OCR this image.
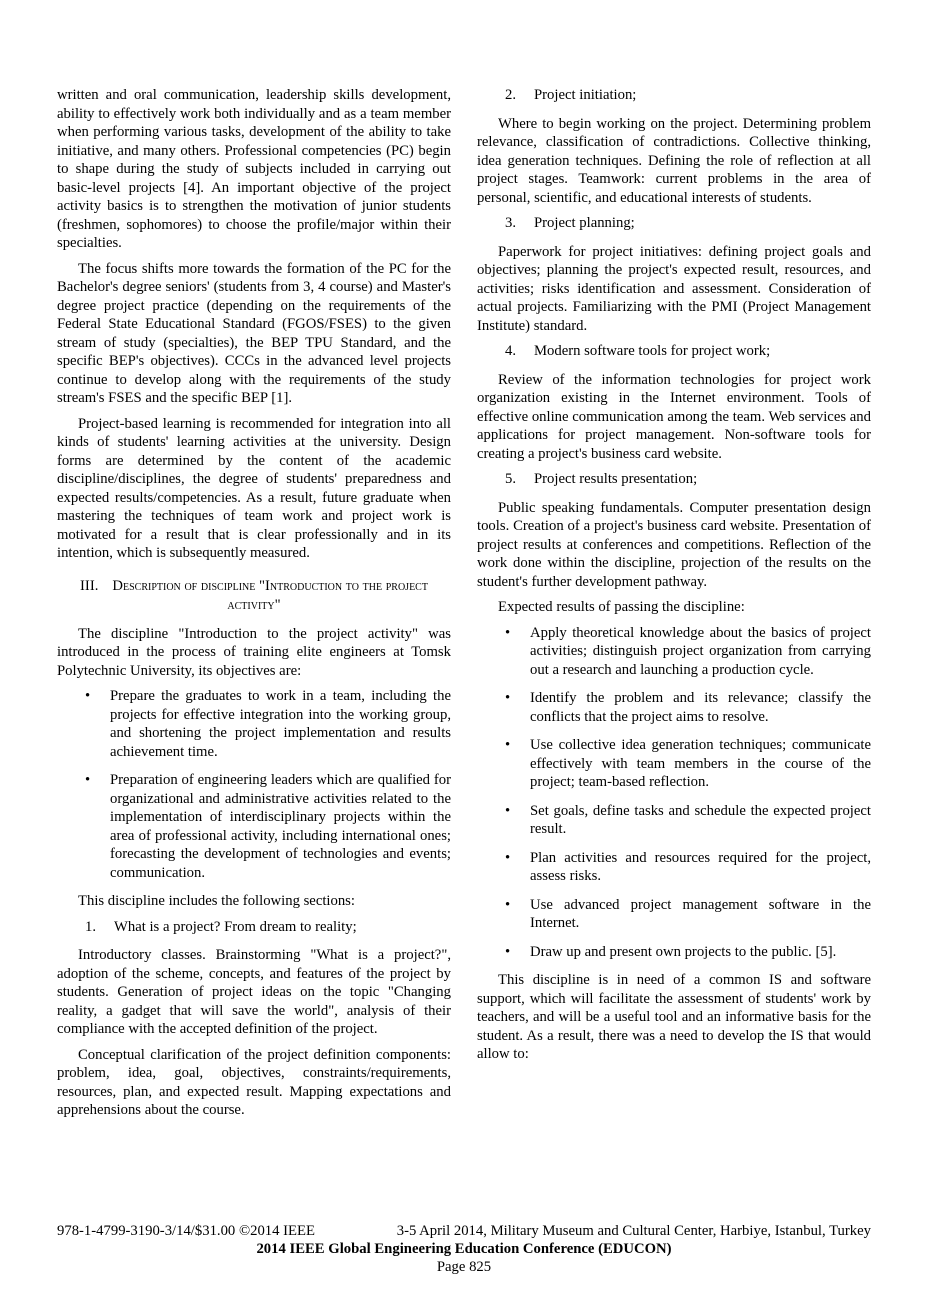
written and oral communication, leadership skills development, ability to effectively work both individually and as a team member when performing various tasks, development of the ability to take initiative, and many others. Professional competencies (PC) begin to shape during the study of subjects included in carrying out basic-level projects [4]. An important objective of the project activity basics is to strengthen the motivation of junior students (freshmen, sophomores) to choose the profile/major within their specialties.

The focus shifts more towards the formation of the PC for the Bachelor's degree seniors' (students from 3, 4 course) and Master's degree project practice (depending on the requirements of the Federal State Educational Standard (FGOS/FSES) to the given stream of study (specialties), the BEP TPU Standard, and the specific BEP's objectives). CCCs in the advanced level projects continue to develop along with the requirements of the study stream's FSES and the specific BEP [1].

Project-based learning is recommended for integration into all kinds of students' learning activities at the university. Design forms are determined by the content of the academic discipline/disciplines, the degree of students' preparedness and expected results/competencies. As a result, future graduate when mastering the techniques of team work and project work is motivated for a result that is clear professionally and in its intention, which is subsequently measured.

III. Description of discipline "Introduction to the project activity"

The discipline "Introduction to the project activity" was introduced in the process of training elite engineers at Tomsk Polytechnic University, its objectives are:

•	Prepare the graduates to work in a team, including the projects for effective integration into the working group, and shortening the project implementation and results achievement time.
•	Preparation of engineering leaders which are qualified for organizational and administrative activities related to the implementation of interdisciplinary projects within the area of professional activity, including international ones; forecasting the development of technologies and events; communication.

This discipline includes the following sections:

1. What is a project? From dream to reality;

Introductory classes. Brainstorming "What is a project?", adoption of the scheme, concepts, and features of the project by students. Generation of project ideas on the topic "Changing reality, a gadget that will save the world", analysis of their compliance with the accepted definition of the project.

Conceptual clarification of the project definition components: problem, idea, goal, objectives, constraints/requirements, resources, plan, and expected result. Mapping expectations and apprehensions about the course.

2. Project initiation;

Where to begin working on the project. Determining problem relevance, classification of contradictions. Collective thinking, idea generation techniques. Defining the role of reflection at all project stages. Teamwork: current problems in the area of personal, scientific, and educational interests of students.

3. Project planning;

Paperwork for project initiatives: defining project goals and objectives; planning the project's expected result, resources, and activities; risks identification and assessment. Consideration of actual projects. Familiarizing with the PMI (Project Management Institute) standard.

4. Modern software tools for project work;

Review of the information technologies for project work organization existing in the Internet environment. Tools of effective online communication among the team. Web services and applications for project management. Non-software tools for creating a project's business card website.

5. Project results presentation;

Public speaking fundamentals. Computer presentation design tools. Creation of a project's business card website. Presentation of project results at conferences and competitions. Reflection of the work done within the discipline, projection of the results on the student's further development pathway.

Expected results of passing the discipline:

•	Apply theoretical knowledge about the basics of project activities; distinguish project organization from carrying out a research and launching a production cycle.
•	Identify the problem and its relevance; classify the conflicts that the project aims to resolve.
•	Use collective idea generation techniques; communicate effectively with team members in the course of the project; team-based reflection.
•	Set goals, define tasks and schedule the expected project result.
•	Plan activities and resources required for the project, assess risks.
•	Use advanced project management software in the Internet.
•	Draw up and present own projects to the public. [5].

This discipline is in need of a common IS and software support, which will facilitate the assessment of students' work by teachers, and will be a useful tool and an informative basis for the student. As a result, there was a need to develop the IS that would allow to:

978-1-4799-3190-3/14/$31.00 ©2014 IEEE	3-5 April 2014, Military Museum and Cultural Center, Harbiye, Istanbul, Turkey
2014 IEEE Global Engineering Education Conference (EDUCON)
Page 825
